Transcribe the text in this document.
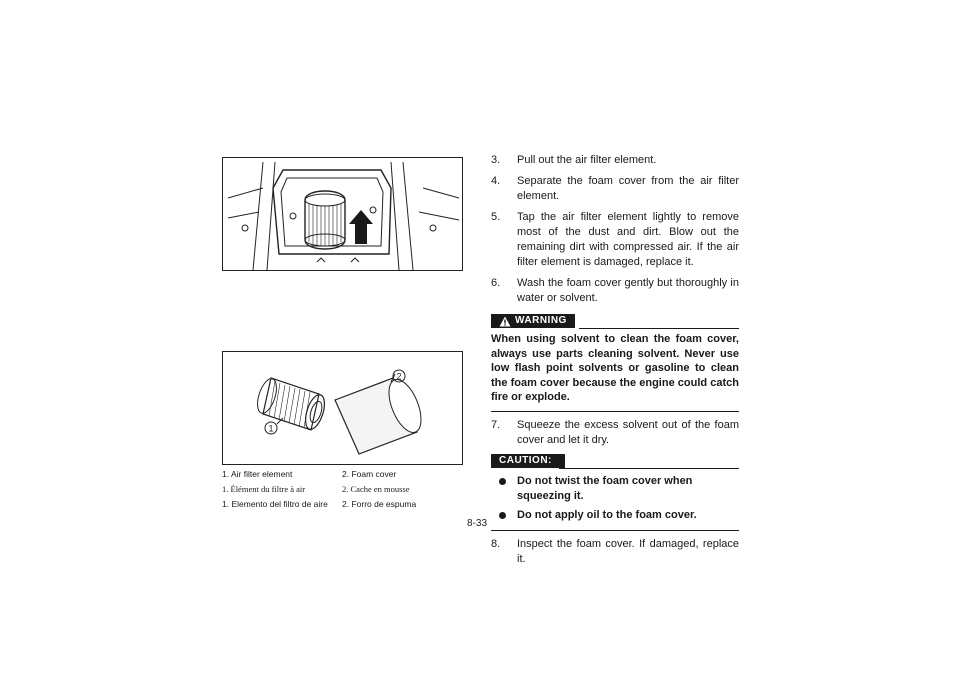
1
2
1. Air filter element	2. Foam cover
1. Élément du filtre à air	2. Cache en mousse
1. Elemento del filtro de aire 2. Forro de espuma
3.	Pull out the air filter element.
4.	Separate the foam cover from the air filter element.
5.	Tap the air filter element lightly to remove most of the dust and dirt. Blow out the remaining dirt with compressed air. If the air filter element is damaged, replace it.
6.	Wash the foam cover gently but thoroughly in water or solvent.
WARNING
When using solvent to clean the foam cover, always use parts cleaning solvent. Never use low flash point solvents or gasoline to clean the foam cover because the engine could catch fire or explode.
7.	Squeeze the excess solvent out of the foam cover and let it dry.
CAUTION:
Do not twist the foam cover when squeezing it.
Do not apply oil to the foam cover.
8.	Inspect the foam cover. If damaged, replace it.
8-33
